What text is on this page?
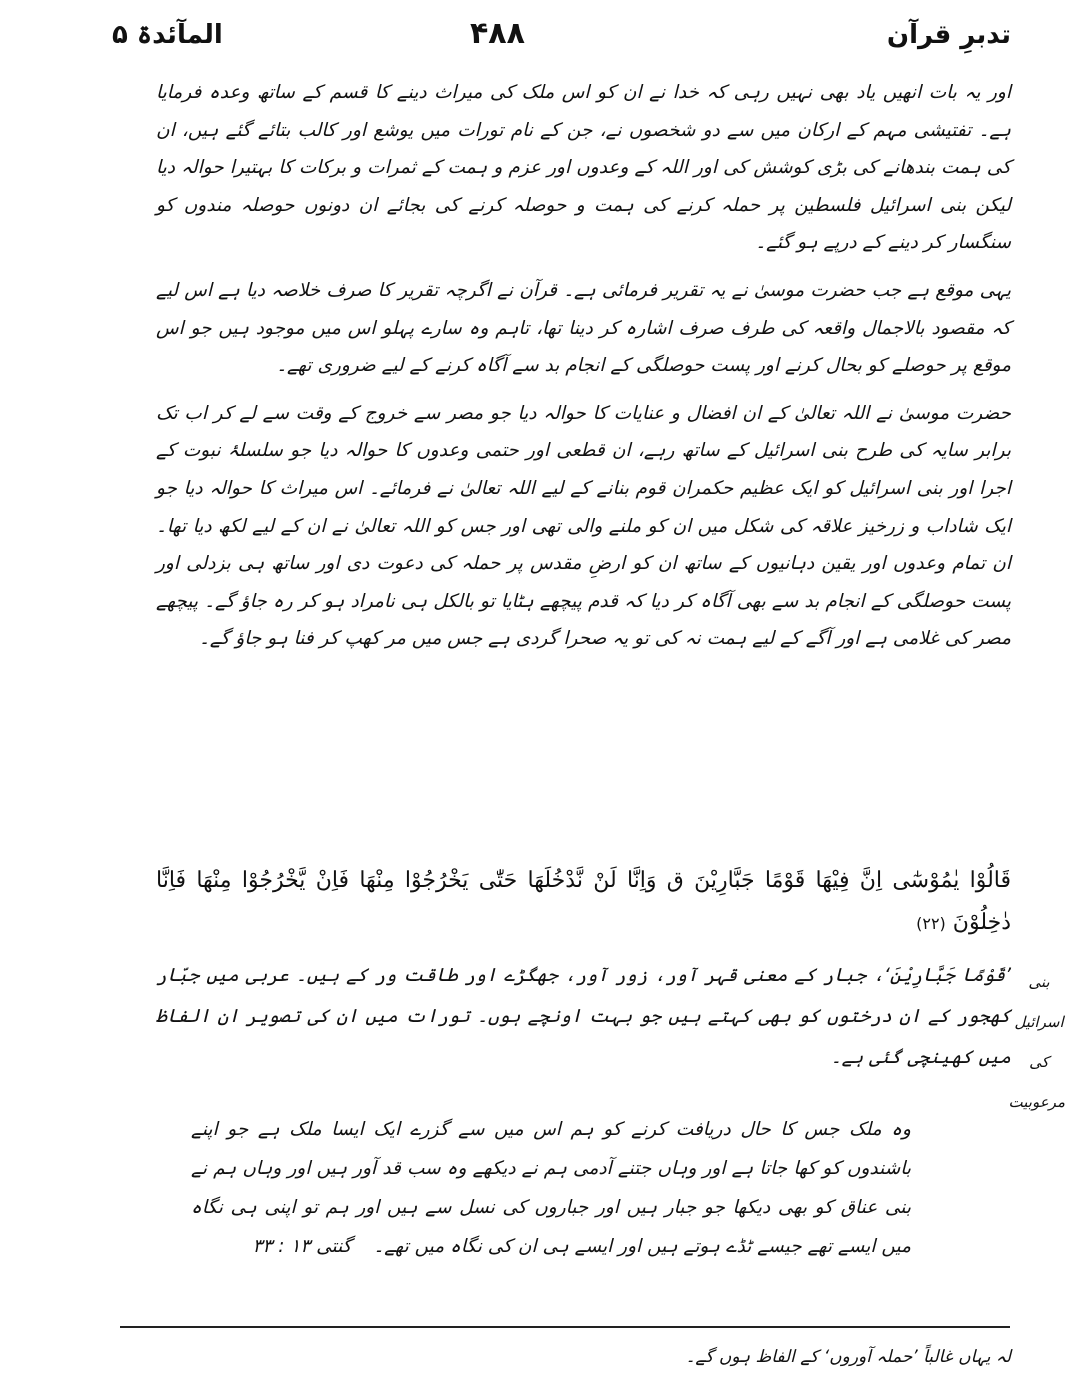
تدبرِ قرآن
۴۸۸
المآئدۃ ۵

اور یہ بات انھیں یاد بھی نہیں رہی کہ خدا نے ان کو اس ملک کی میراث دینے کا قسم کے ساتھ وعدہ فرمایا ہے۔ تفتیشی مہم کے ارکان میں سے دو شخصوں نے، جن کے نام تورات میں یوشع اور کالب بتائے گئے ہیں، ان کی ہمت بندھانے کی بڑی کوشش کی اور اللہ کے وعدوں اور عزم و ہمت کے ثمرات و برکات کا بہتیرا حوالہ دیا لیکن بنی اسرائیل فلسطین پر حملہ کرنے کی ہمت و حوصلہ کرنے کی بجائے ان دونوں حوصلہ مندوں کو سنگسار کر دینے کے درپے ہو گئے۔

یہی موقع ہے جب حضرت موسیٰ نے یہ تقریر فرمائی ہے۔ قرآن نے اگرچہ تقریر کا صرف خلاصہ دیا ہے اس لیے کہ مقصود بالاجمال واقعہ کی طرف صرف اشارہ کر دینا تھا، تاہم وہ سارے پہلو اس میں موجود ہیں جو اس موقع پر حوصلے کو بحال کرنے اور پست حوصلگی کے انجام بد سے آگاہ کرنے کے لیے ضروری تھے۔

حضرت موسیٰ نے اللہ تعالیٰ کے ان افضال و عنایات کا حوالہ دیا جو مصر سے خروج کے وقت سے لے کر اب تک برابر سایہ کی طرح بنی اسرائیل کے ساتھ رہے، ان قطعی اور حتمی وعدوں کا حوالہ دیا جو سلسلۂ نبوت کے اجرا اور بنی اسرائیل کو ایک عظیم حکمران قوم بنانے کے لیے اللہ تعالیٰ نے فرمائے۔ اس میراث کا حوالہ دیا جو ایک شاداب و زرخیز علاقہ کی شکل میں ان کو ملنے والی تھی اور جس کو اللہ تعالیٰ نے ان کے لیے لکھ دیا تھا۔ ان تمام وعدوں اور یقین دہانیوں کے ساتھ ان کو ارضِ مقدس پر حملہ کی دعوت دی اور ساتھ ہی بزدلی اور پست حوصلگی کے انجام بد سے بھی آگاہ کر دیا کہ قدم پیچھے ہٹایا تو بالکل ہی نامراد ہو کر رہ جاؤ گے۔ پیچھے مصر کی غلامی ہے اور آگے کے لیے ہمت نہ کی تو یہ صحرا گردی ہے جس میں مر کھپ کر فنا ہو جاؤ گے۔

قَالُوْا یٰمُوْسٰٓی اِنَّ فِیْهَا قَوْمًا جَبَّارِیْنَ ق وَاِنَّا لَنْ نَّدْخُلَهَا حَتّٰی یَخْرُجُوْا مِنْهَا فَاِنْ یَّخْرُجُوْا مِنْهَا فَاِنَّا دٰخِلُوْنَ (۲۲)
بنی اسرائیل کی
مرعوبیت
’قَوْمًا جَبَّارِیْنَ‘، جبار کے معنی قہر آور، زور آور، جھگڑے اور طاقت ور کے ہیں۔ عربی میں جبّار کھجور کے ان درختوں کو بھی کہتے ہیں جو بہت اونچے ہوں۔ تورات میں ان کی تصویر ان الفاظ میں کھینچی گئی ہے۔
وہ ملک جس کا حال دریافت کرنے کو ہم اس میں سے گزرے ایک ایسا ملک ہے جو اپنے باشندوں کو کھا جاتا ہے اور وہاں جتنے آدمی ہم نے دیکھے وہ سب قد آور ہیں اور وہاں ہم نے بنی عناق کو بھی دیکھا جو جبار ہیں اور جباروں کی نسل سے ہیں اور ہم تو اپنی ہی نگاہ میں ایسے تھے جیسے ٹڈے ہوتے ہیں اور ایسے ہی ان کی نگاہ میں تھے۔ گنتی ۱۳ : ۳۳
لہ یہاں غالباً ’حملہ آوروں‘ کے الفاظ ہوں گے۔
